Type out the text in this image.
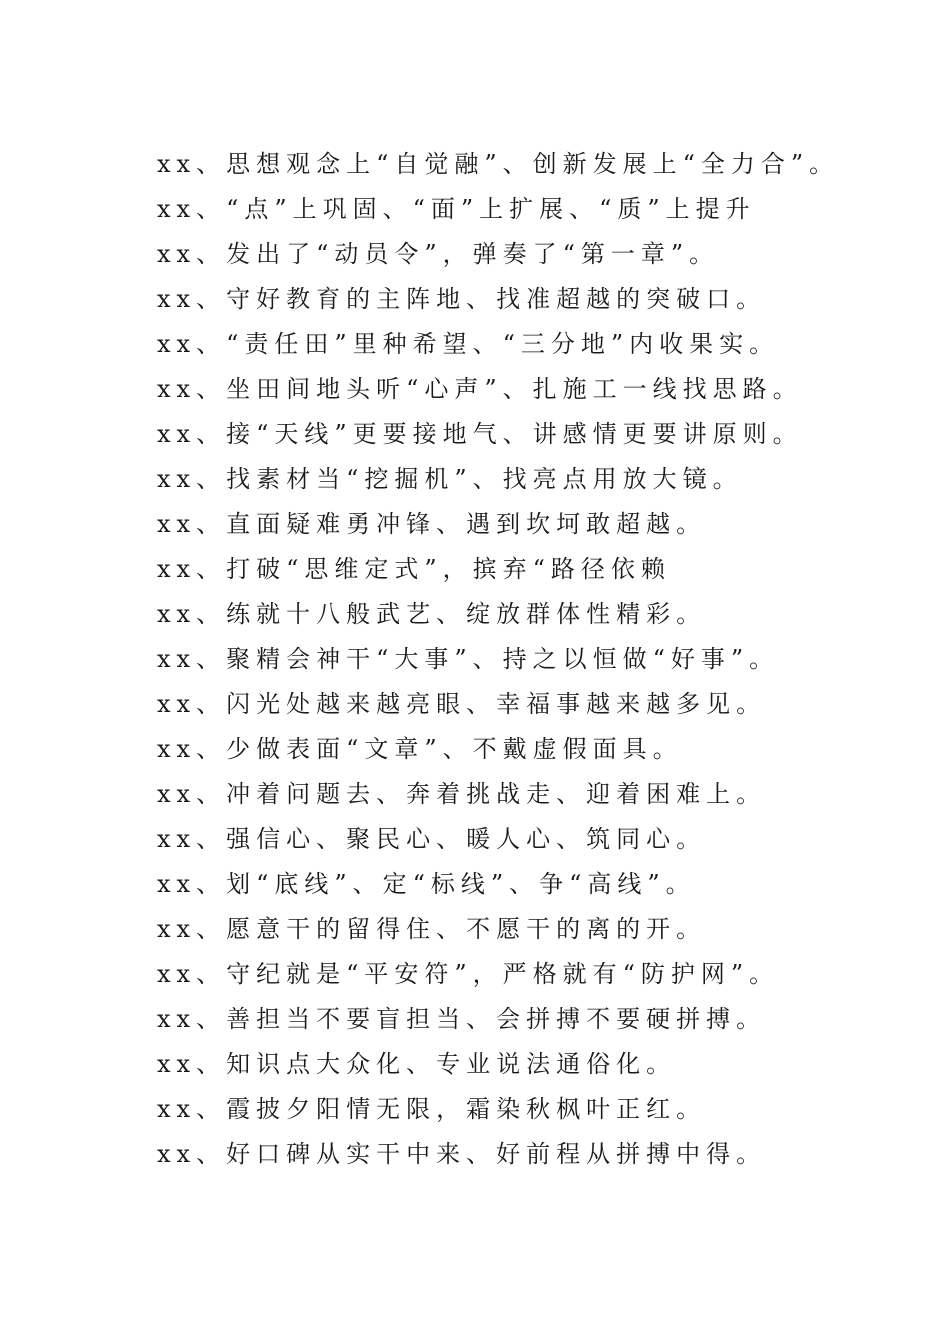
xx、思想观念上“自觉融”、创新发展上“全力合”。
xx、“点”上巩固、“面”上扩展、“质”上提升
xx、发出了“动员令”，弹奏了“第一章”。
xx、守好教育的主阵地、找准超越的突破口。
xx、“责任田”里种希望、“三分地”内收果实。
xx、坐田间地头听“心声”、扎施工一线找思路。
xx、接“天线”更要接地气、讲感情更要讲原则。
xx、找素材当“挖掘机”、找亮点用放大镜。
xx、直面疑难勇冲锋、遇到坎坷敢超越。
xx、打破“思维定式”，摈弃“路径依赖
xx、练就十八般武艺、绽放群体性精彩。
xx、聚精会神干“大事”、持之以恒做“好事”。
xx、闪光处越来越亮眼、幸福事越来越多见。
xx、少做表面“文章”、不戴虚假面具。
xx、冲着问题去、奔着挑战走、迎着困难上。
xx、强信心、聚民心、暖人心、筑同心。
xx、划“底线”、定“标线”、争“高线”。
xx、愿意干的留得住、不愿干的离的开。
xx、守纪就是“平安符”，严格就有“防护网”。
xx、善担当不要盲担当、会拼搏不要硬拼搏。
xx、知识点大众化、专业说法通俗化。
xx、霞披夕阳情无限，霜染秋枫叶正红。
xx、好口碑从实干中来、好前程从拼搏中得。
